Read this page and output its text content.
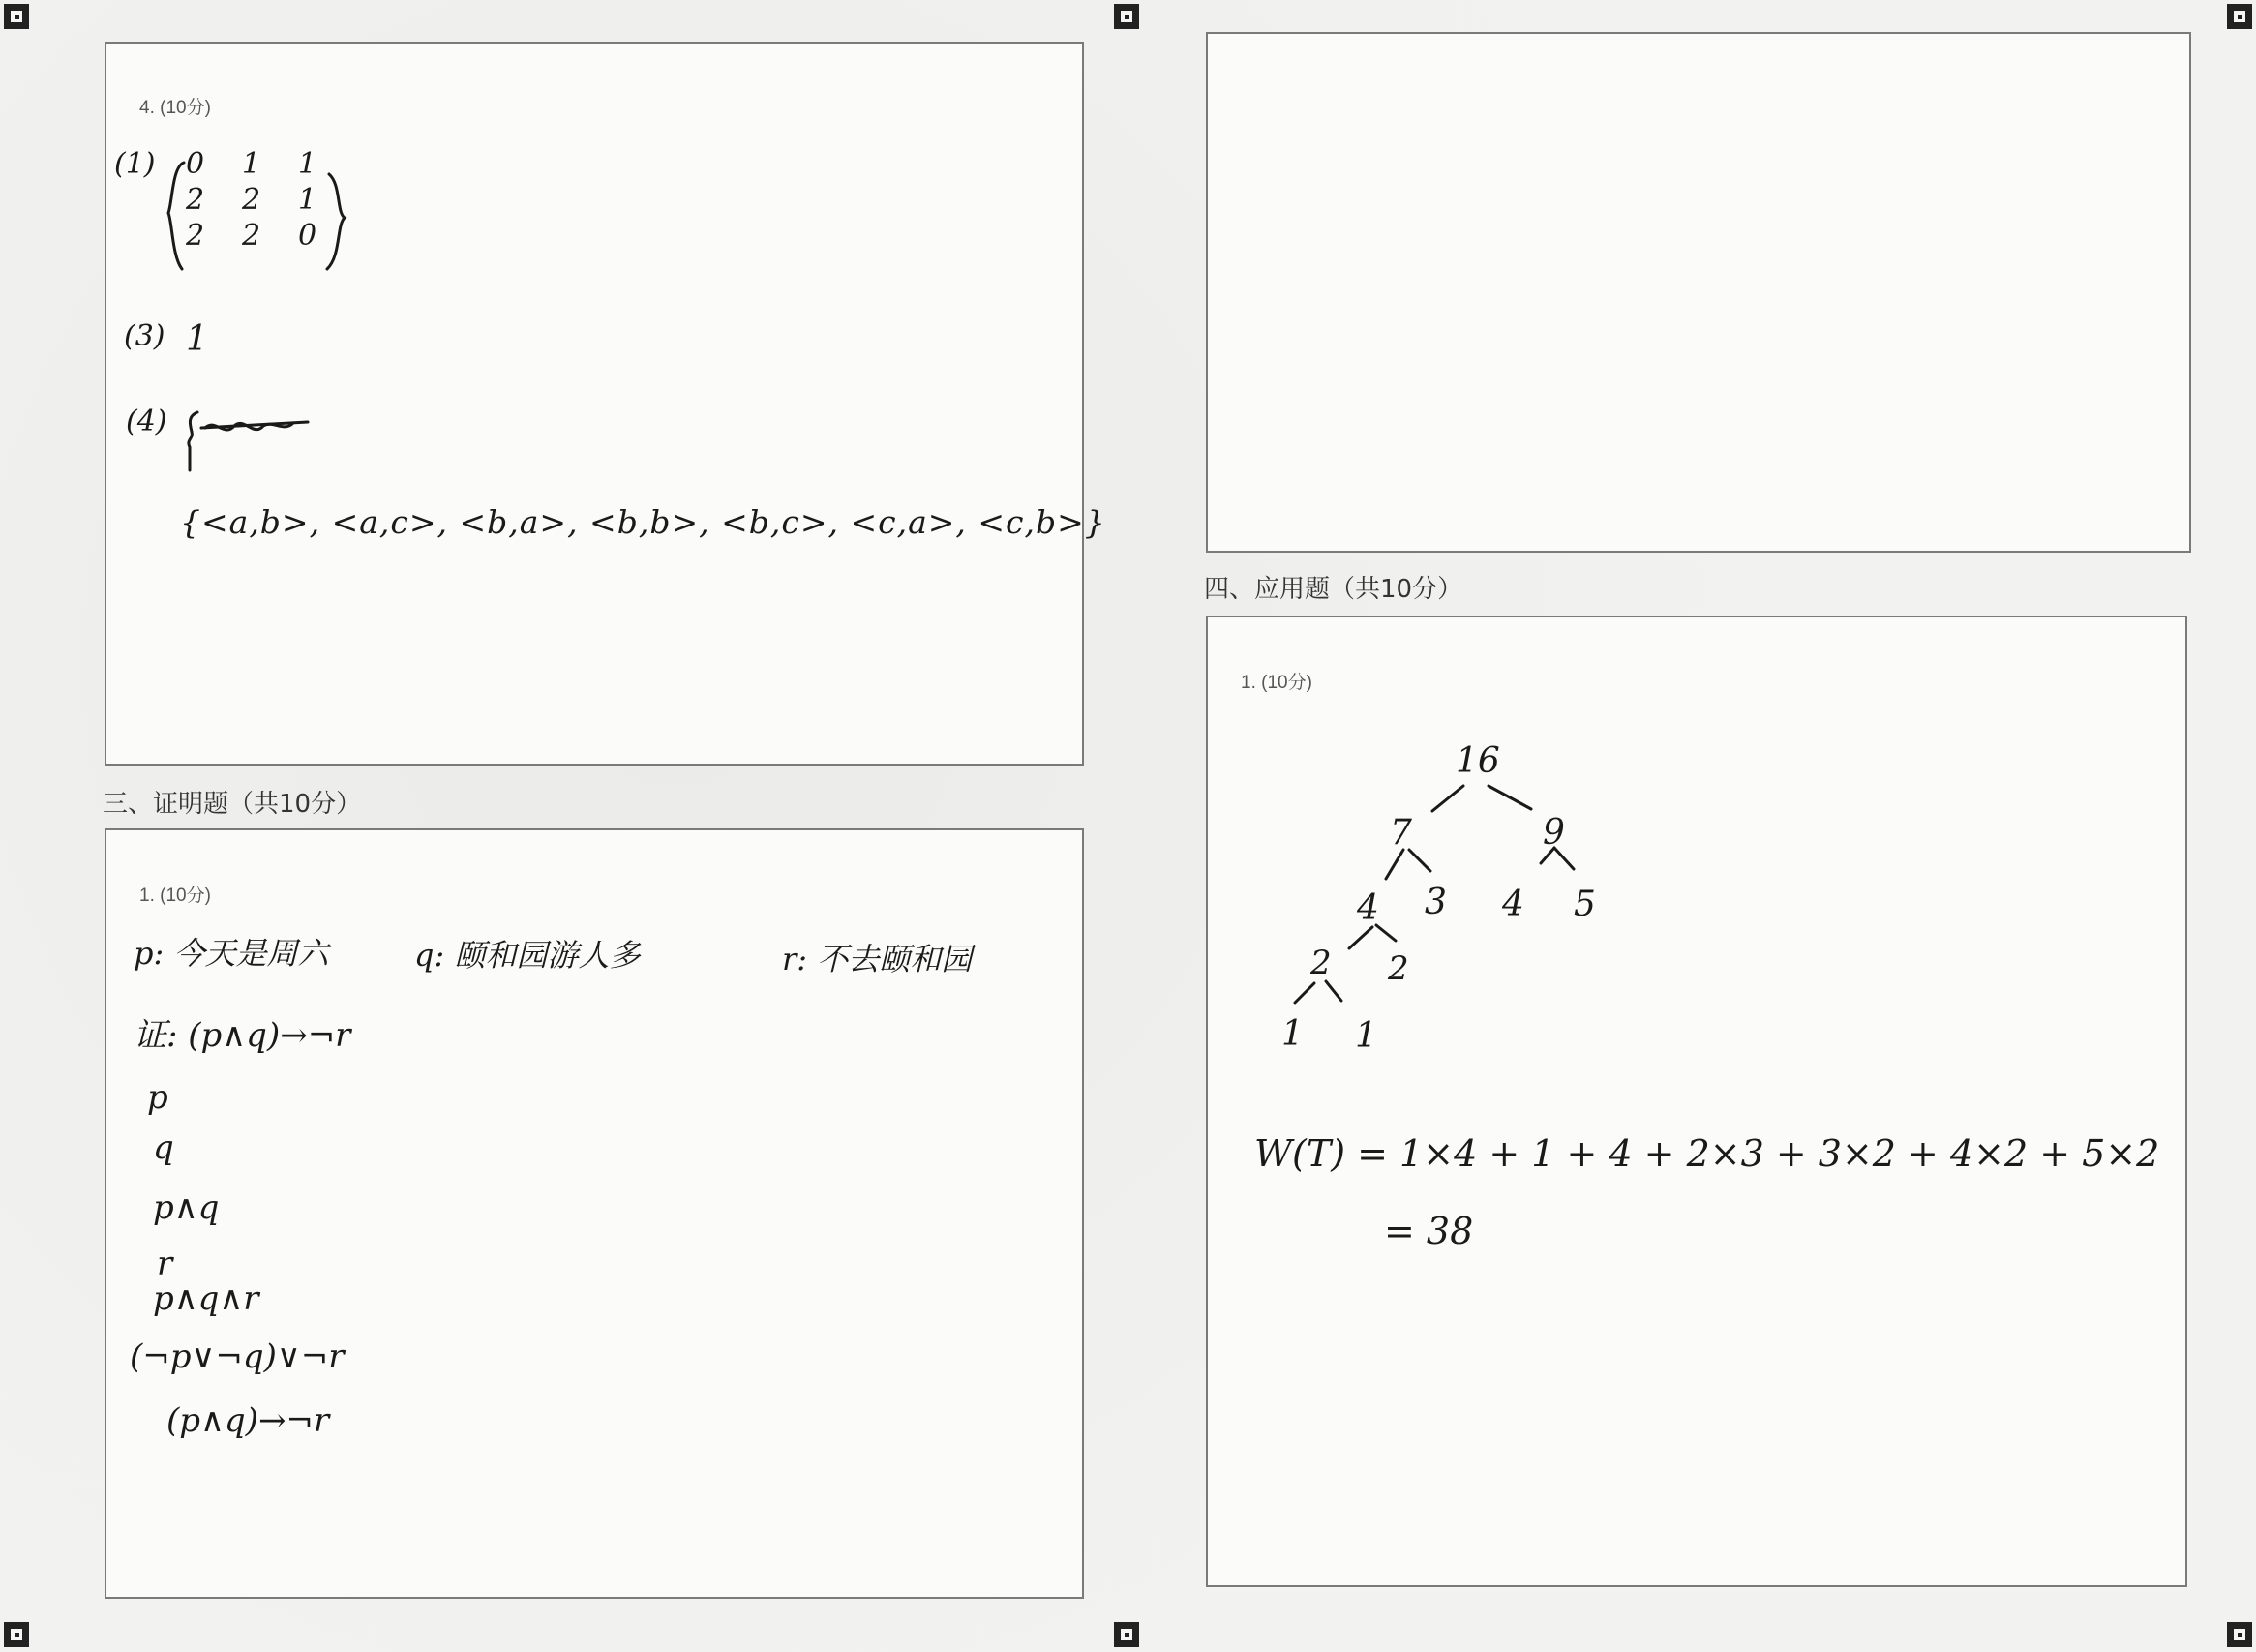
4. (10分)
(1) 0	1	1
2	2	1
2	2	0
(3) 1
(4)
{<a,b>, <a,c>, <b,a>, <b,b>, <b,c>, <c,a>, <c,b>}
三、证明题（共10分）
1. (10分)
p: 今天是周六	q: 颐和园游人多	r: 不去颐和园
证: (p∧q)→¬r
p
q
p∧q
r
p∧q∧r
(¬p∨¬q)∨¬r
(p∧q)→¬r
四、应用题（共10分）
1. (10分)
16
7	9
4 3 4 5
2 2
1 1
W(T) = 1×4 + 1 + 4 + 2×3 + 3×2 + 4×2 + 5×2
= 38
